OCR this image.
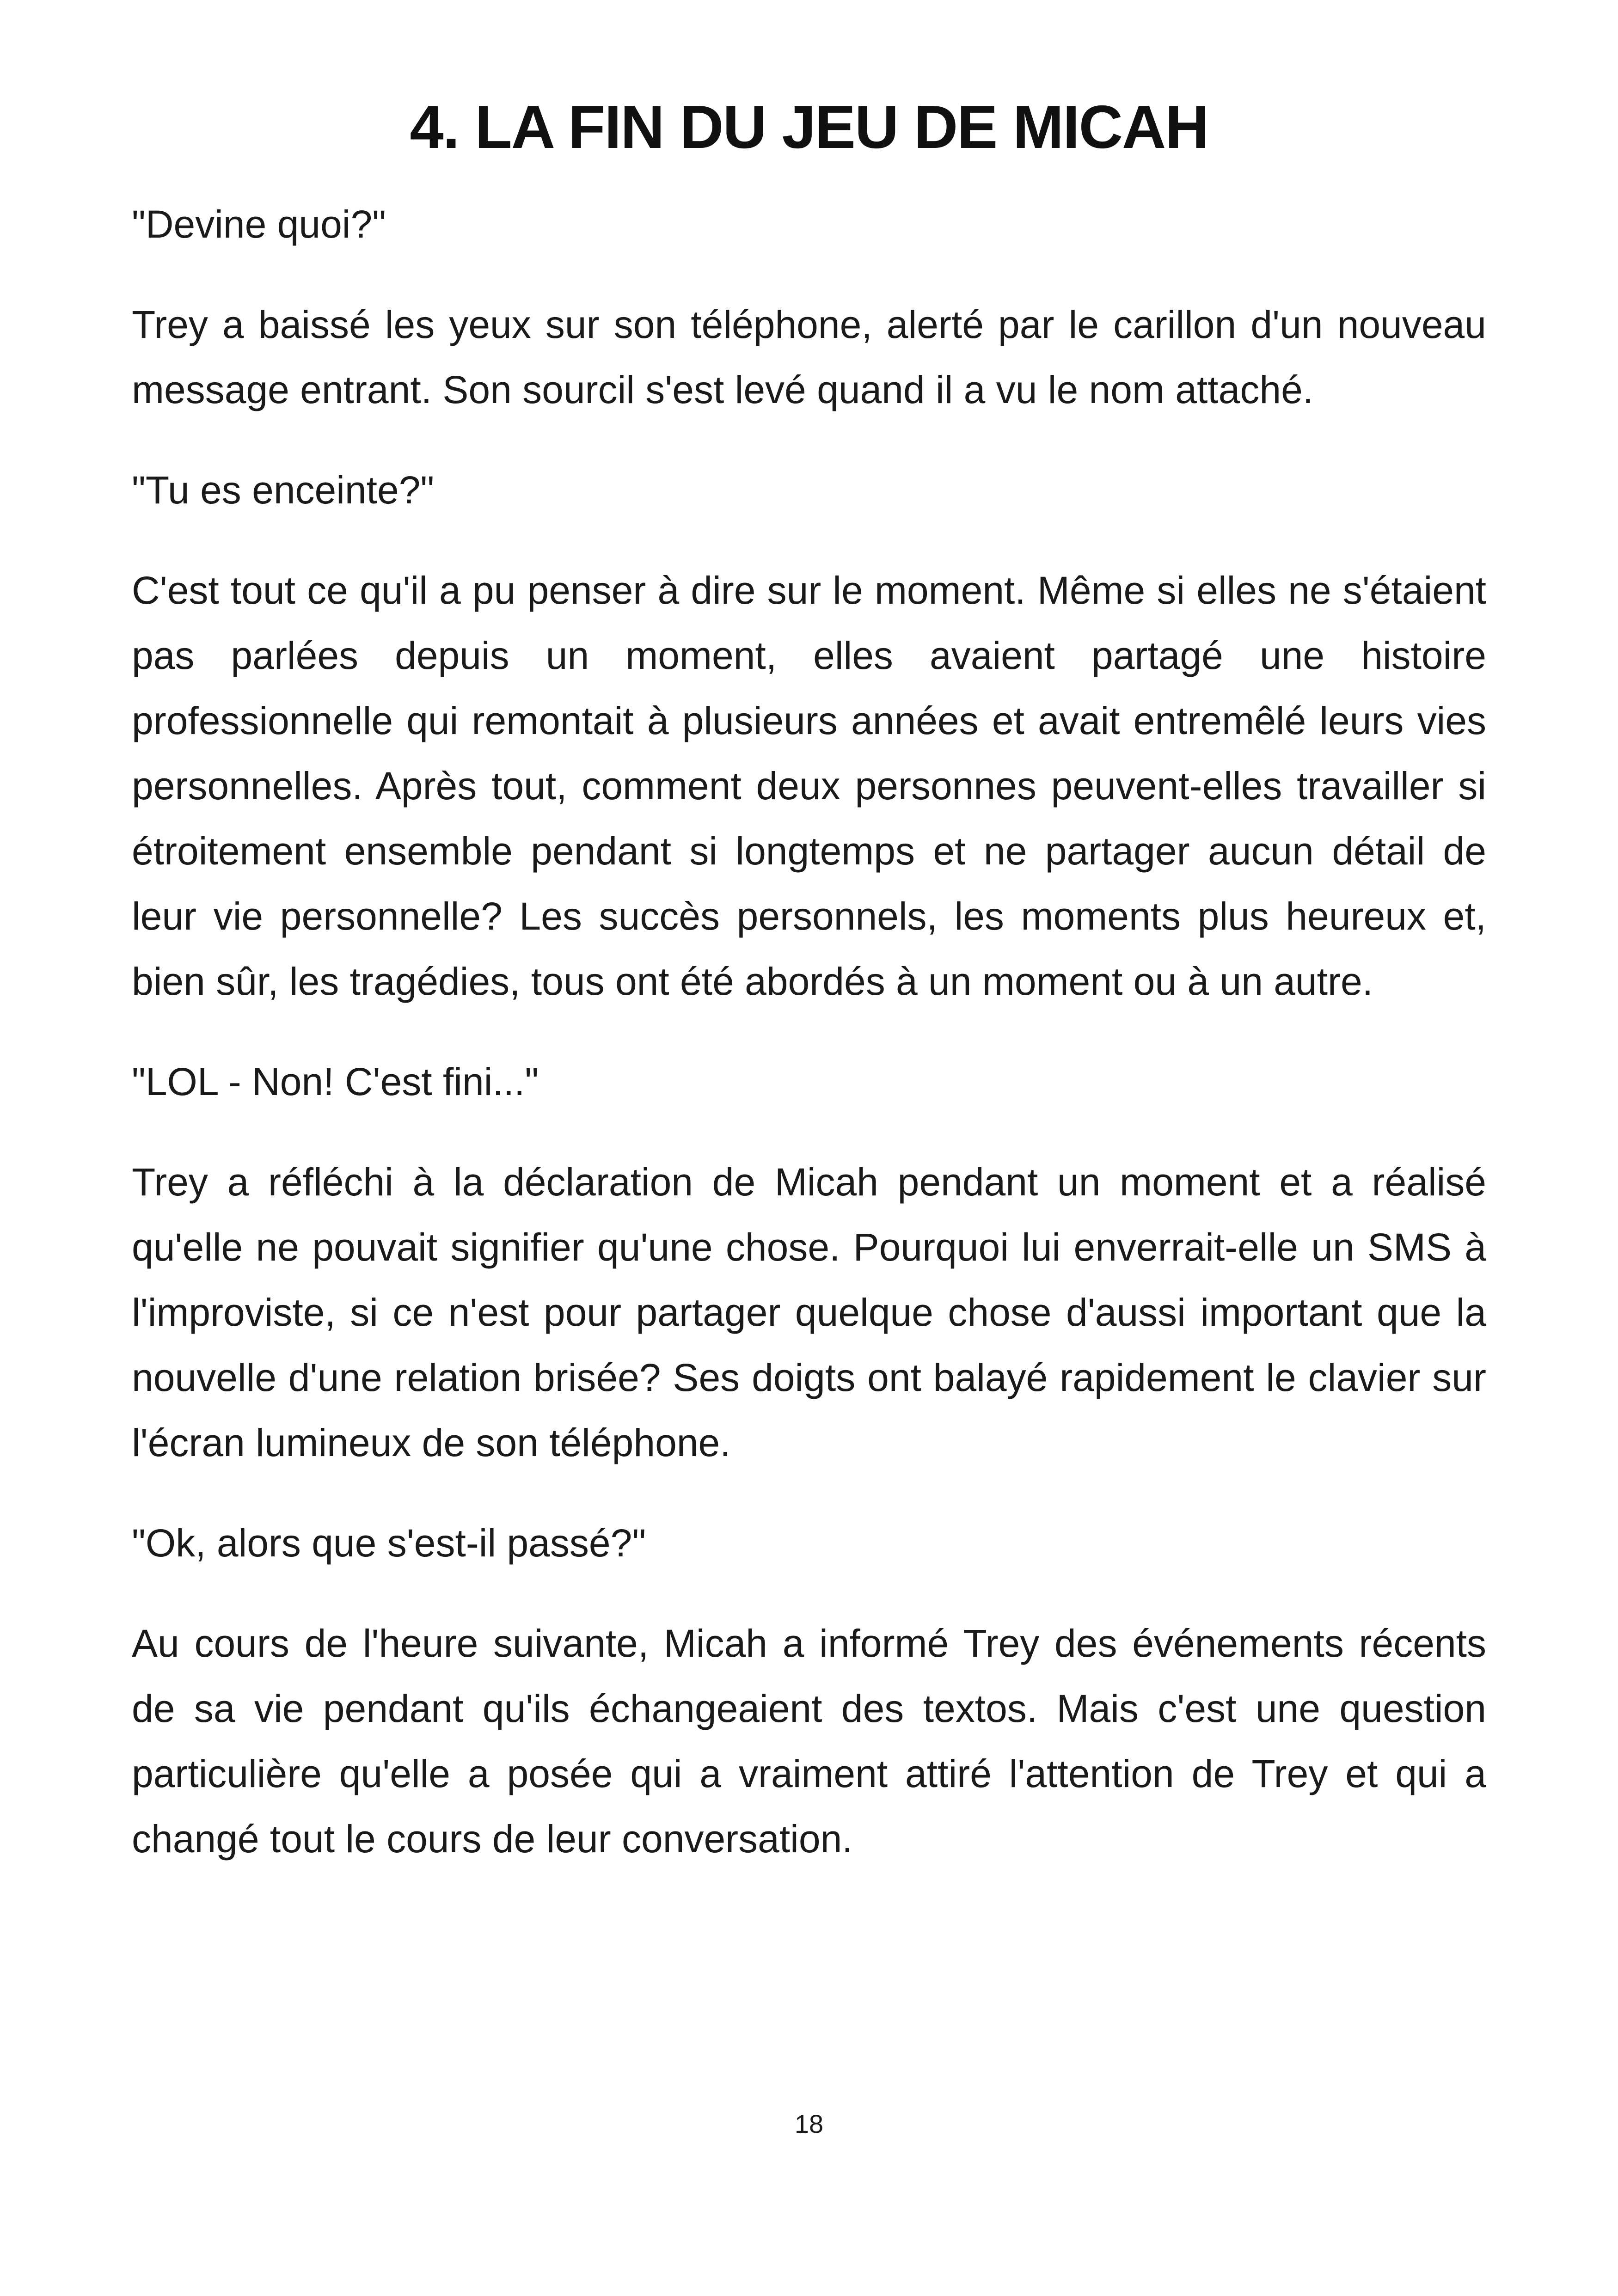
4. LA FIN DU JEU DE MICAH

"Devine quoi?"

Trey a baissé les yeux sur son téléphone, alerté par le carillon d'un nouveau message entrant. Son sourcil s'est levé quand il a vu le nom attaché.

"Tu es enceinte?"

C'est tout ce qu'il a pu penser à dire sur le moment. Même si elles ne s'étaient pas parlées depuis un moment, elles avaient partagé une histoire professionnelle qui remontait à plusieurs années et avait entremêlé leurs vies personnelles. Après tout, comment deux personnes peuvent-elles travailler si étroitement ensemble pendant si longtemps et ne partager aucun détail de leur vie personnelle? Les succès personnels, les moments plus heureux et, bien sûr, les tragédies, tous ont été abordés à un moment ou à un autre.

"LOL - Non! C'est fini..."

Trey a réfléchi à la déclaration de Micah pendant un moment et a réalisé qu'elle ne pouvait signifier qu'une chose. Pourquoi lui enverrait-elle un SMS à l'improviste, si ce n'est pour partager quelque chose d'aussi important que la nouvelle d'une relation brisée? Ses doigts ont balayé rapidement le clavier sur l'écran lumineux de son téléphone.

"Ok, alors que s'est-il passé?"

Au cours de l'heure suivante, Micah a informé Trey des événements récents de sa vie pendant qu'ils échangeaient des textos. Mais c'est une question particulière qu'elle a posée qui a vraiment attiré l'attention de Trey et qui a changé tout le cours de leur conversation.

18
